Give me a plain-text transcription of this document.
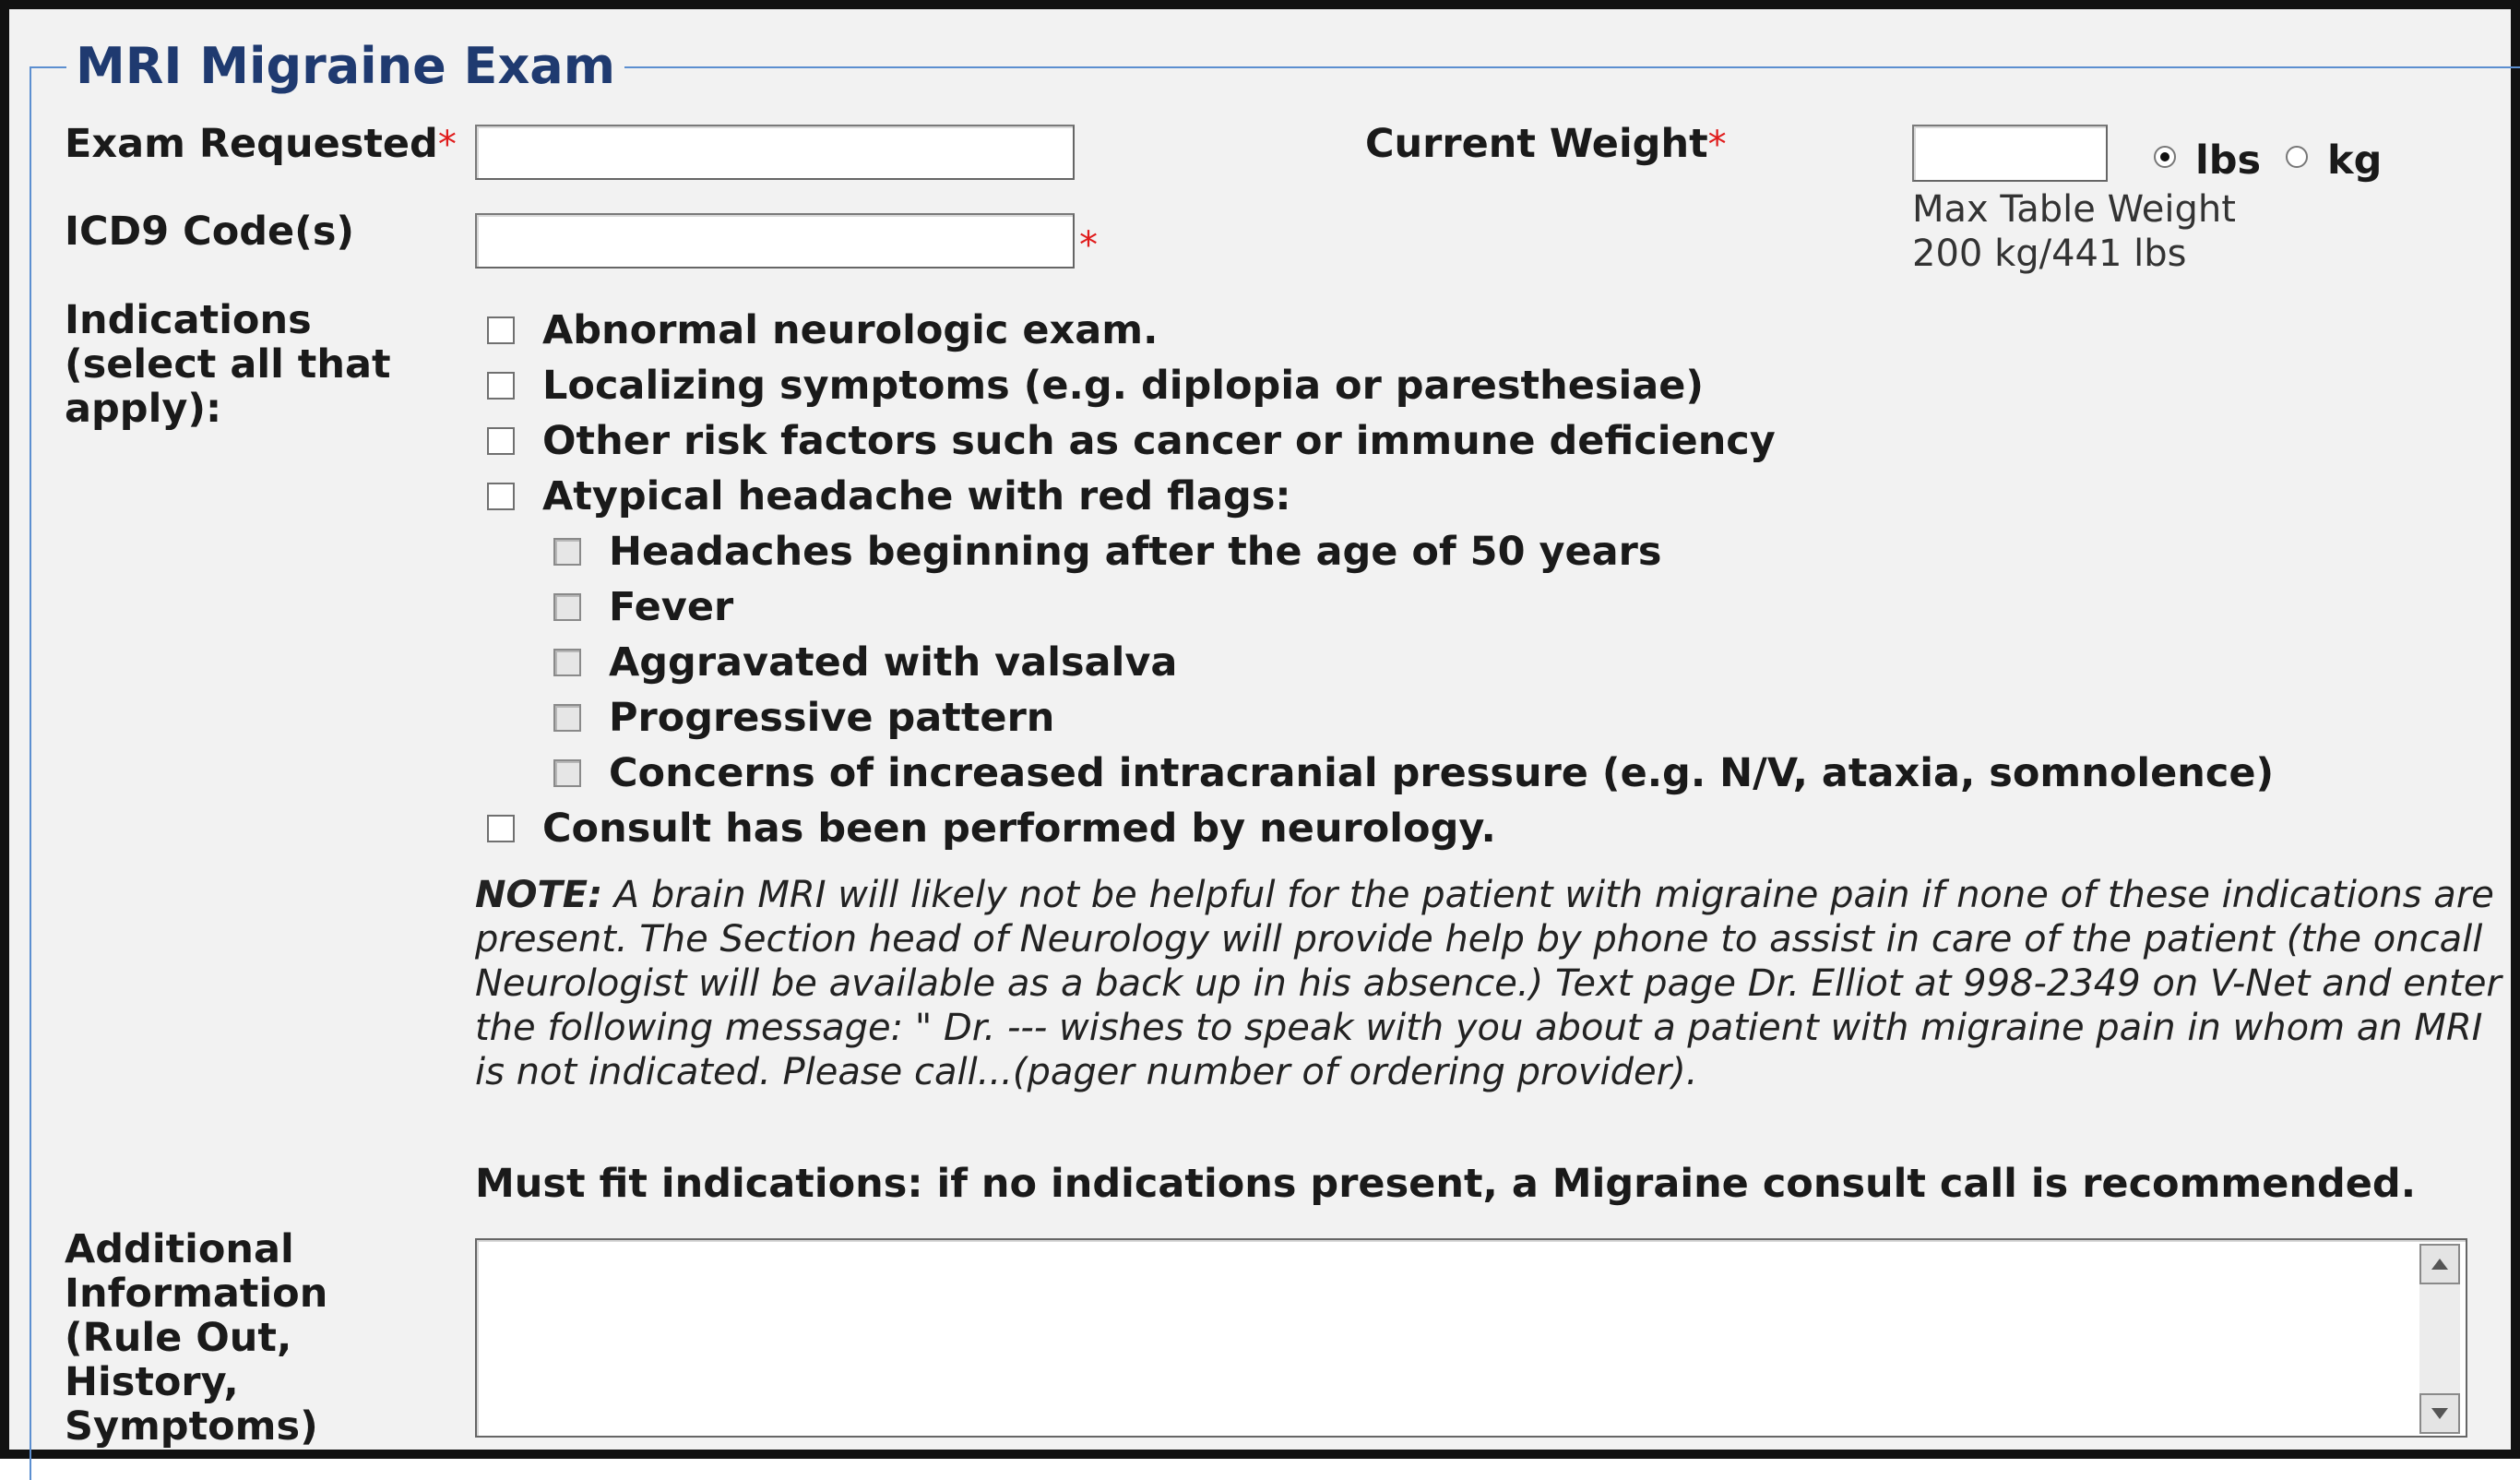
MRI Migraine Exam
Exam Requested*
ICD9 Code(s)	*
Current Weight*	lbs kg
Max Table Weight
200 kg/441 lbs
Indications
(select all that
apply):
Abnormal neurologic exam.
Localizing symptoms (e.g. diplopia or paresthesiae)
Other risk factors such as cancer or immune deficiency
Atypical headache with red flags:
Headaches beginning after the age of 50 years
Fever
Aggravated with valsalva
Progressive pattern
Concerns of increased intracranial pressure (e.g. N/V, ataxia, somnolence)
Consult has been performed by neurology.
NOTE: A brain MRI will likely not be helpful for the patient with migraine pain if none of these indications are present. The Section head of Neurology will provide help by phone to assist in care of the patient (the oncall Neurologist will be available as a back up in his absence.) Text page Dr. Elliot at 998-2349 on V-Net and enter the following message: " Dr. --- wishes to speak with you about a patient with migraine pain in whom an MRI is not indicated. Please call...(pager number of ordering provider).
Must fit indications: if no indications present, a Migraine consult call is recommended.
Additional
Information
(Rule Out,
History,
Symptoms)
